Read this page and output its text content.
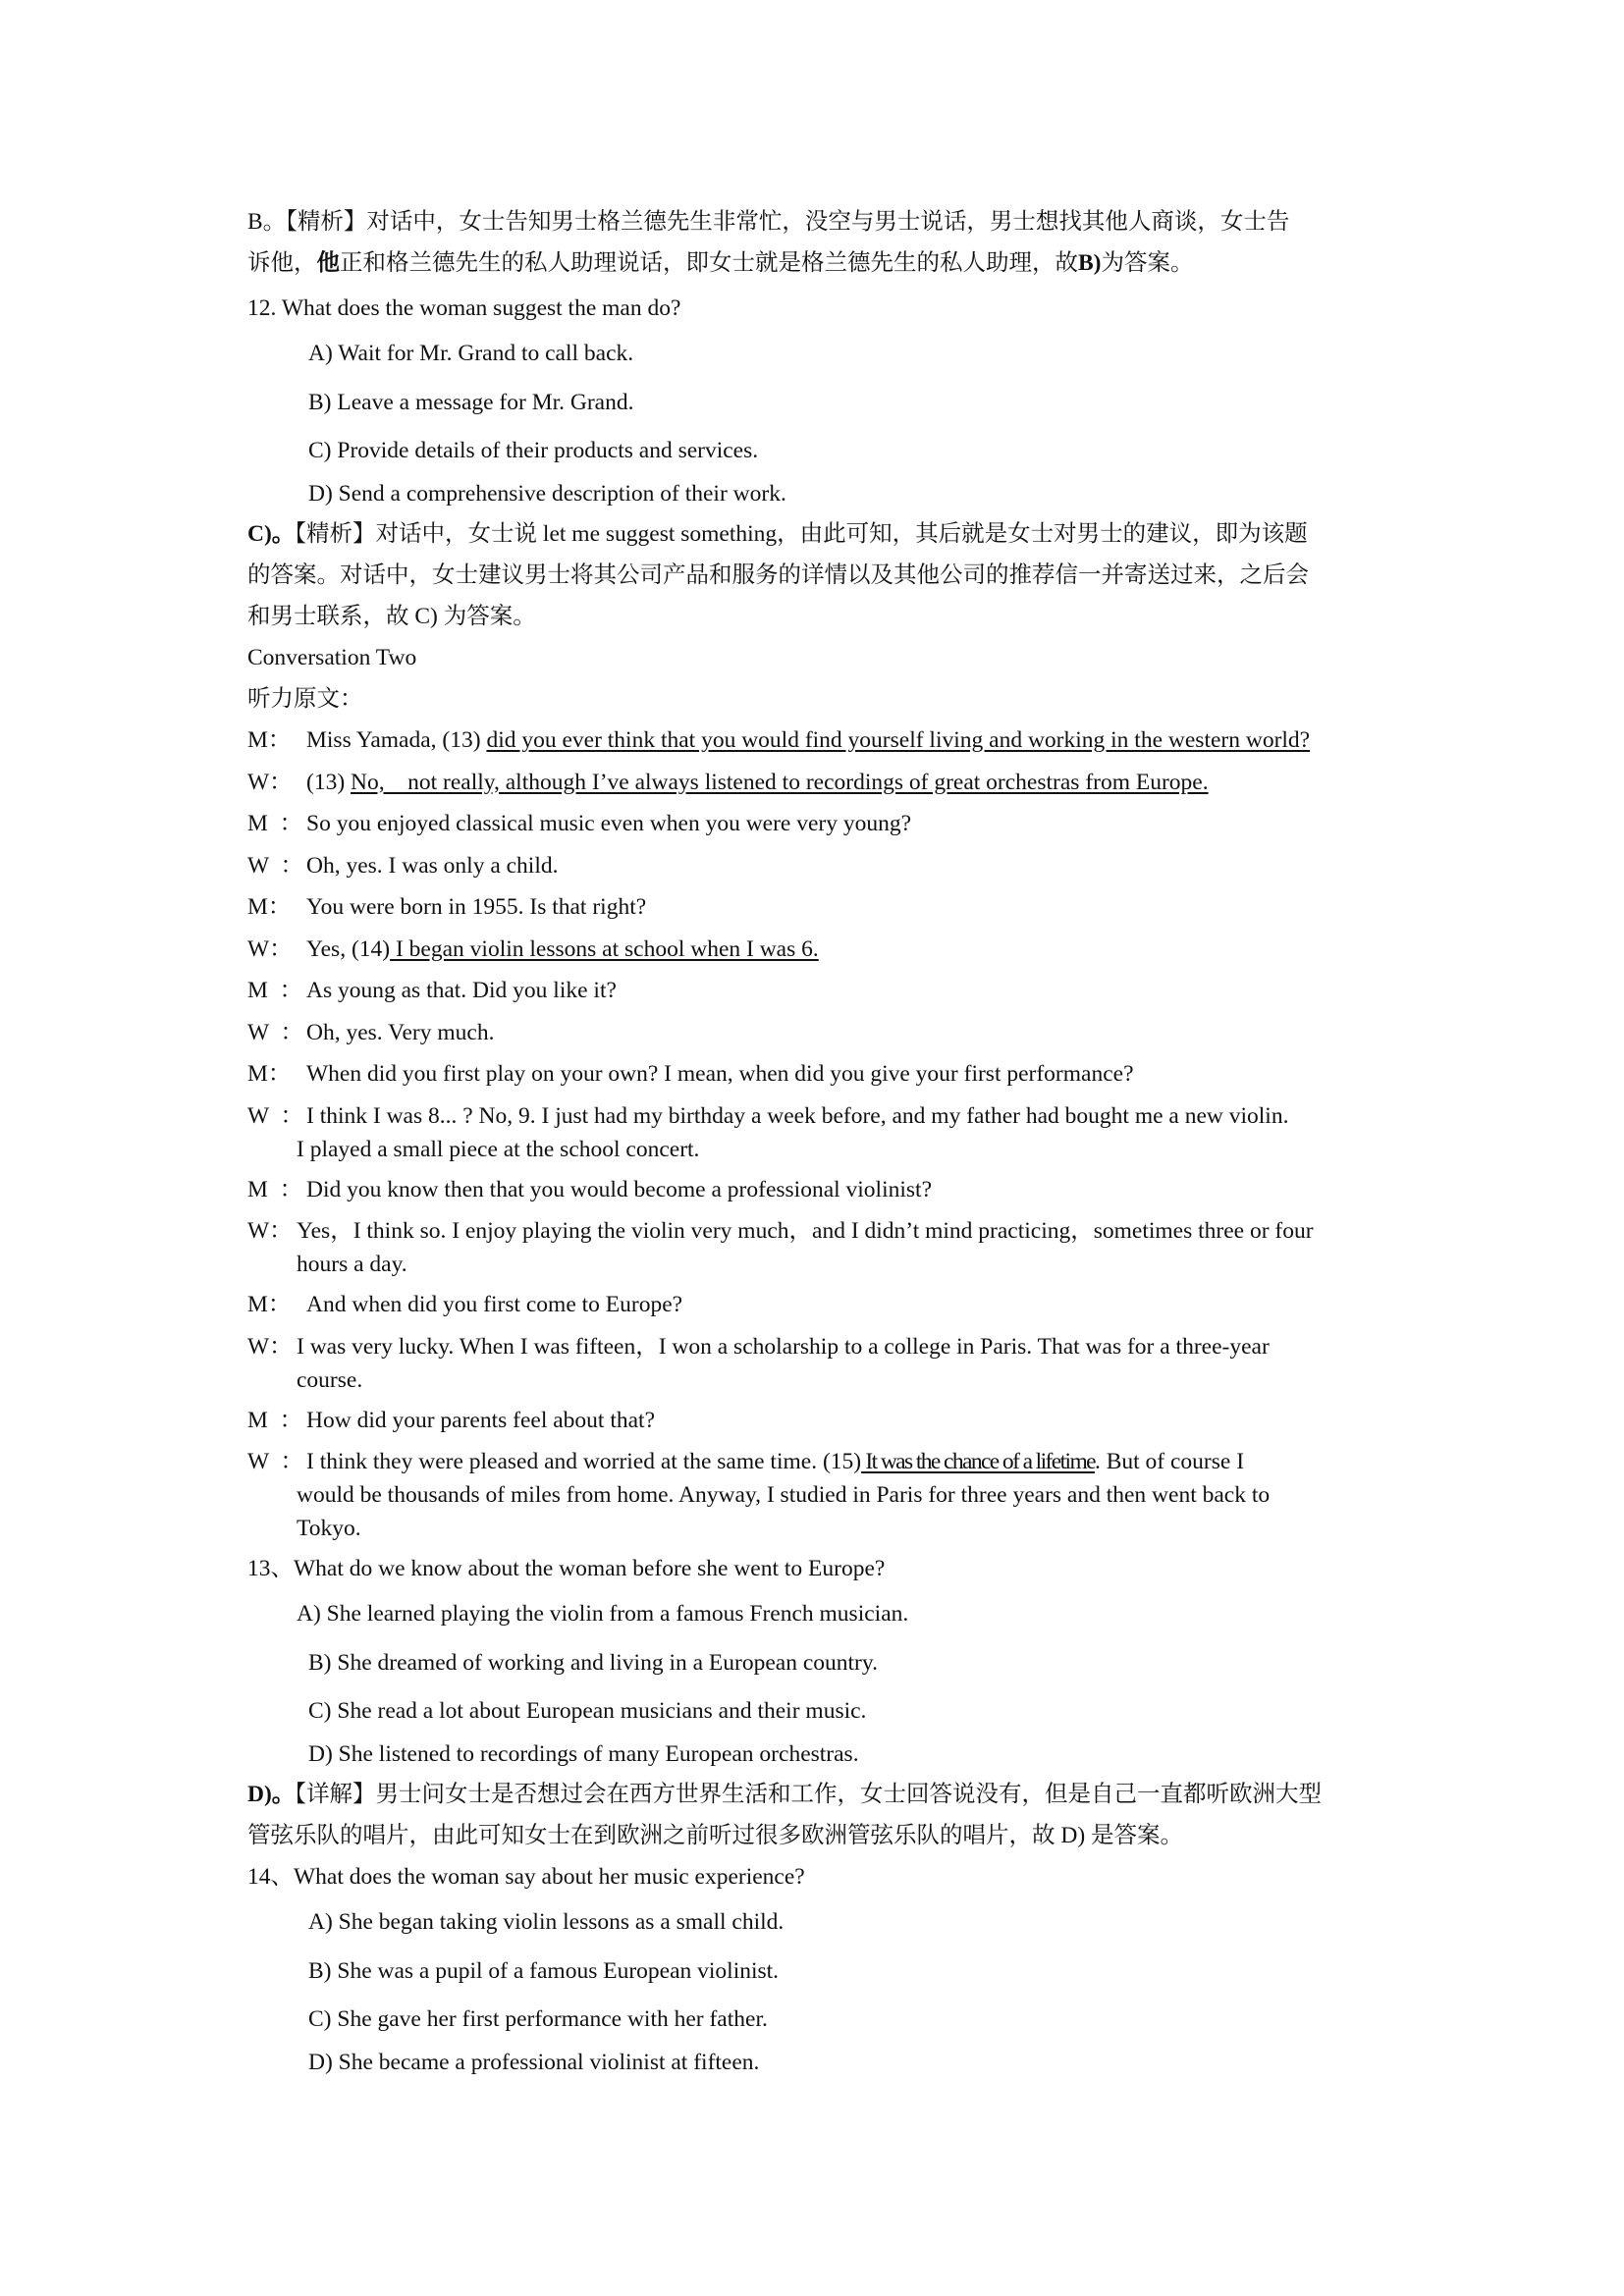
B。【精析】对话中，女士告知男士格兰德先生非常忙，没空与男士说话，男士想找其他人商谈，女士告

诉他，他正和格兰德先生的私人助理说话，即女士就是格兰德先生的私人助理，故B)为答案。

12. What does the woman suggest the man do?

A) Wait for Mr. Grand to call back.

B) Leave a message for Mr. Grand.

C) Provide details of their products and services.

D) Send a comprehensive description of their work.

C)。【精析】对话中，女士说 let me suggest something，由此可知，其后就是女士对男士的建议，即为该题

的答案。对话中，女士建议男士将其公司产品和服务的详情以及其他公司的推荐信一并寄送过来，之后会

和男士联系，故 C) 为答案。

Conversation Two

听力原文：

M： Miss Yamada, (13) did you ever think that you would find yourself living and working in the western world?
W： (13) No,    not really, although I’ve always listened to recordings of great orchestras from Europe.
M  ： So you enjoyed classical music even when you were very young?
W  ： Oh, yes. I was only a child.
M： You were born in 1955. Is that right?
W： Yes, (14) I began violin lessons at school when I was 6.
M  ： As young as that. Did you like it?
W  ： Oh, yes. Very much.
M： When did you first play on your own? I mean, when did you give your first performance?
W  ： I think I was 8... ? No, 9. I just had my birthday a week before, and my father had bought me a new violin.
I played a small piece at the school concert.
M  ： Did you know then that you would become a professional violinist?
W： Yes，I think so. I enjoy playing the violin very much，and I didn’t mind practicing，sometimes three or four
hours a day.
M： And when did you first come to Europe?
W： I was very lucky. When I was fifteen，I won a scholarship to a college in Paris. That was for a three-year
course.
M  ： How did your parents feel about that?
W  ： I think they were pleased and worried at the same time. (15) It was the chance of a lifetime. But of course I
would be thousands of miles from home. Anyway, I studied in Paris for three years and then went back to
Tokyo.

13、What do we know about the woman before she went to Europe?

A) She learned playing the violin from a famous French musician.

B) She dreamed of working and living in a European country.

C) She read a lot about European musicians and their music.

D) She listened to recordings of many European orchestras.

D)。【详解】男士问女士是否想过会在西方世界生活和工作，女士回答说没有，但是自己一直都听欧洲大型

管弦乐队的唱片，由此可知女士在到欧洲之前听过很多欧洲管弦乐队的唱片，故 D) 是答案。

14、What does the woman say about her music experience?

A) She began taking violin lessons as a small child.

B) She was a pupil of a famous European violinist.

C) She gave her first performance with her father.

D) She became a professional violinist at fifteen.
